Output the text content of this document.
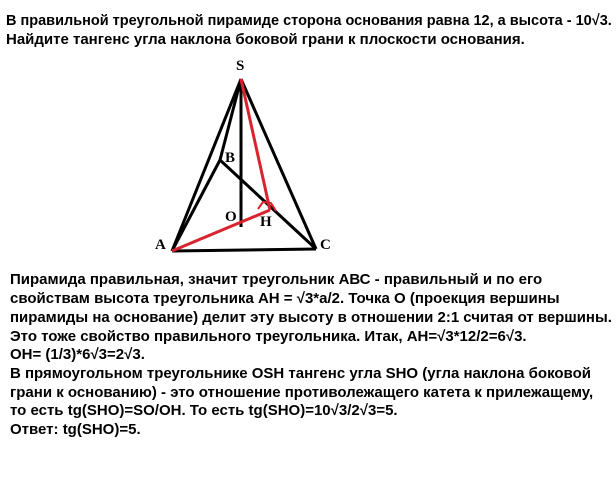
В правильной треугольной пирамиде сторона основания равна 12, а высота - 10√3.

Найдите тангенс угла наклона боковой грани к плоскости основания.

S
B
O H
A	C

Пирамида правильная, значит треугольник АВС - правильный и по его

свойствам высота треугольника АН = √3*a/2. Точка О (проекция вершины

пирамиды на основание) делит эту высоту в отношении 2:1 считая от вершины.

Это тоже свойство правильного треугольника. Итак, АН=√3*12/2=6√3.

ОН= (1/3)*6√3=2√3.

В прямоугольном треугольнике OSH тангенс угла SHO (угла наклона боковой

грани к основанию) - это отношение противолежащего катета к прилежащему,

то есть tg(SHO)=SO/OH. То есть tg(SHO)=10√3/2√3=5.

Ответ: tg(SHO)=5.
